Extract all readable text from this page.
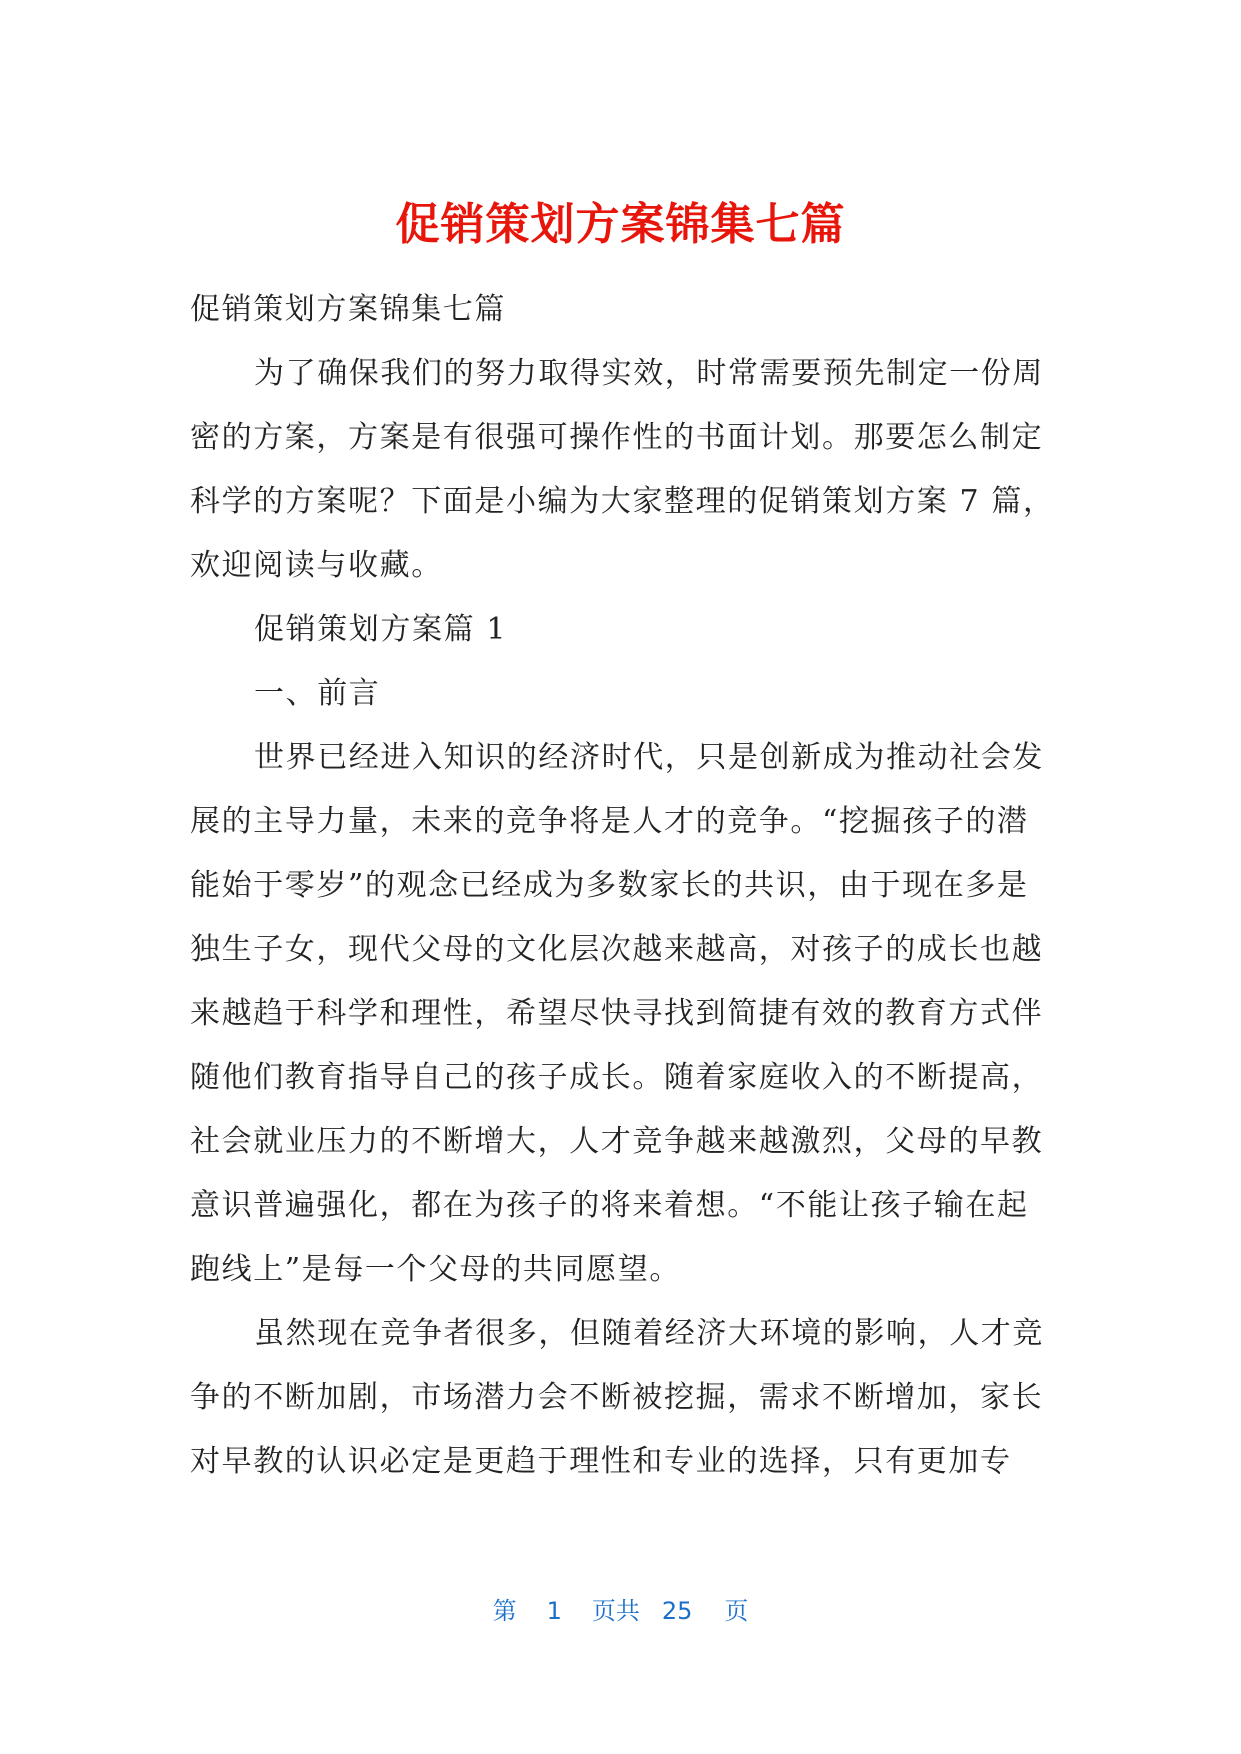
促销策划方案锦集七篇
促销策划方案锦集七篇
为了确保我们的努力取得实效，时常需要预先制定一份周
密的方案，方案是有很强可操作性的书面计划。那要怎么制定
科学的方案呢？下面是小编为大家整理的促销策划方案 7 篇，
欢迎阅读与收藏。
促销策划方案篇 1
一、前言
世界已经进入知识的经济时代，只是创新成为推动社会发
展的主导力量，未来的竞争将是人才的竞争。“挖掘孩子的潜
能始于零岁”的观念已经成为多数家长的共识，由于现在多是
独生子女，现代父母的文化层次越来越高，对孩子的成长也越
来越趋于科学和理性，希望尽快寻找到简捷有效的教育方式伴
随他们教育指导自己的孩子成长。随着家庭收入的不断提高，
社会就业压力的不断增大，人才竞争越来越激烈，父母的早教
意识普遍强化，都在为孩子的将来着想。“不能让孩子输在起
跑线上”是每一个父母的共同愿望。
虽然现在竞争者很多，但随着经济大环境的影响，人才竞
争的不断加剧，市场潜力会不断被挖掘，需求不断增加，家长
对早教的认识必定是更趋于理性和专业的选择，只有更加专
第 1 页共 25 页
